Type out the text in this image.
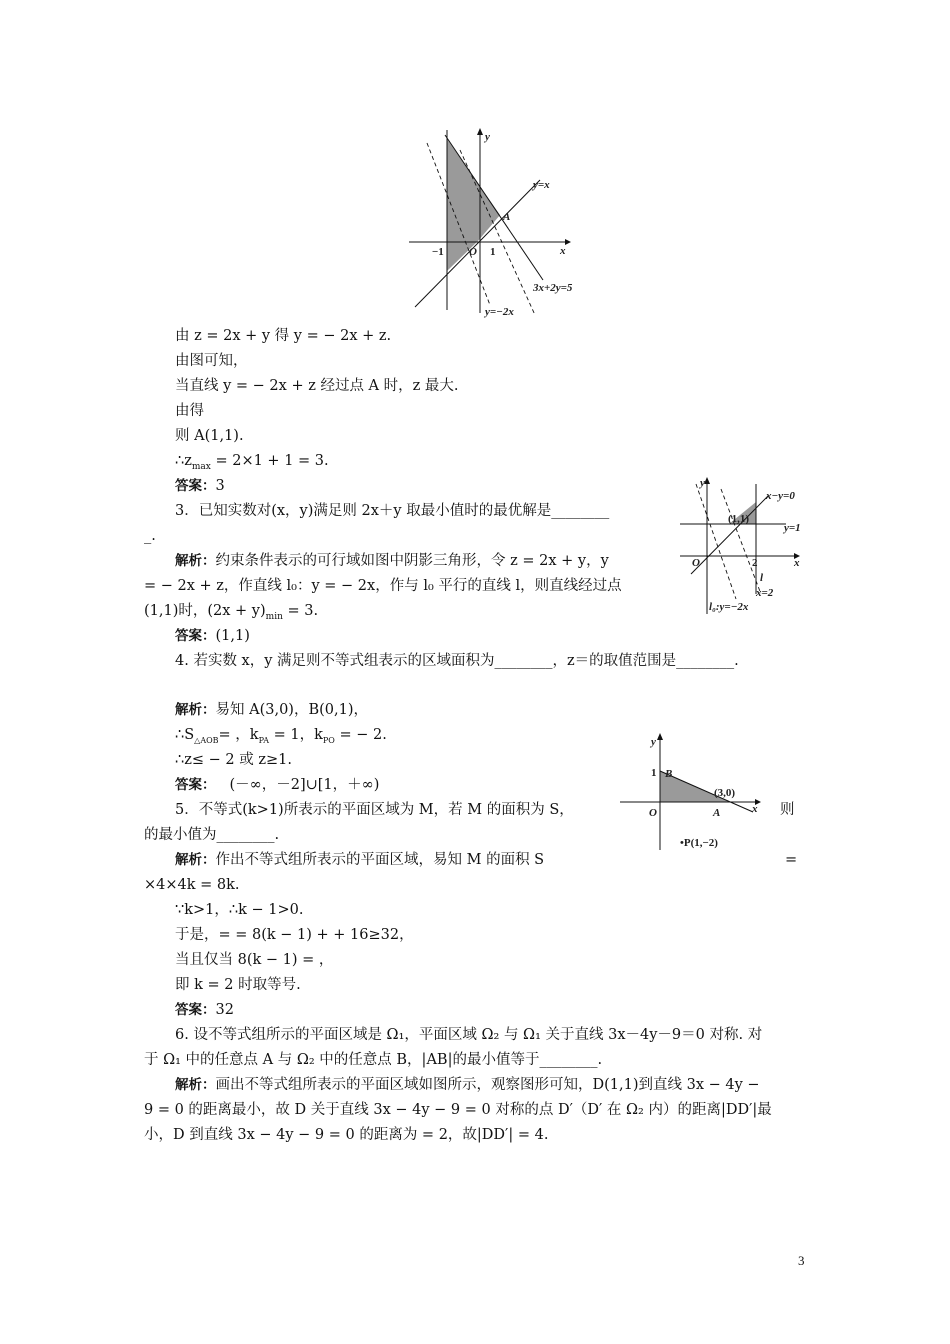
y
x
y=x
A
−1 O 1
3x+2y=5
y=−2x
y
x
x−y=0
y=1
(1,1)
O	2
l
x=2
l₀:y=−2x
y
x
1 B
O	A
(3,0)
•P(1,−2)
由 z = 2x + y 得 y = − 2x + z.
由图可知，
当直线 y = − 2x + z 经过点 A 时，z 最大.
由得
则 A(1,1).
$\therefore z_{max} = 2\times 1 + 1 = 3$.
答案：3
3．已知实数对(x，y)满足则 2x＋y 取最小值时的最优解是________
_.
解析：约束条件表示的可行域如图中阴影三角形，令 z = 2x + y，y
= − 2x + z，作直线 l₀：y = − 2x，作与 l₀ 平行的直线 l，则直线经过点
(1,1)时，$(2x + y)_{min} = 3$.
答案：(1,1)
4. 若实数 x，y 满足则不等式组表示的区域面积为________，z＝的取值范围是________.
解析：易知 A(3,0)，B(0,1)，
$\therefore S_{\triangle AOB}=$ ，$k_{PA} = 1$，$k_{PO}$ = − 2.
∴z≤ − 2 或 z≥1.
答案： (－∞，－2]∪[1，＋∞)
5．不等式(k>1)所表示的平面区域为 M，若 M 的面积为 S，	则
的最小值为________.
解析：作出不等式组所表示的平面区域，易知 M 的面积 S	=
×4×4k = 8k.
∵k>1，∴k − 1>0.
于是，= = 8(k − 1) + + 16≥32，
当且仅当 8(k − 1) = ，
即 k = 2 时取等号.
答案：32
6. 设不等式组所示的平面区域是 Ω₁，平面区域 Ω₂ 与 Ω₁ 关于直线 3x－4y－9＝0 对称. 对
于 Ω₁ 中的任意点 A 与 Ω₂ 中的任意点 B，|AB|的最小值等于________.
解析：画出不等式组所表示的平面区域如图所示，观察图形可知，D(1,1)到直线 3x − 4y −
9 = 0 的距离最小，故 D 关于直线 3x − 4y − 9 = 0 对称的点 D′（D′ 在 Ω₂ 内）的距离|DD′|最
小，D 到直线 3x − 4y − 9 = 0 的距离为 = 2，故|DD′| = 4.
3
